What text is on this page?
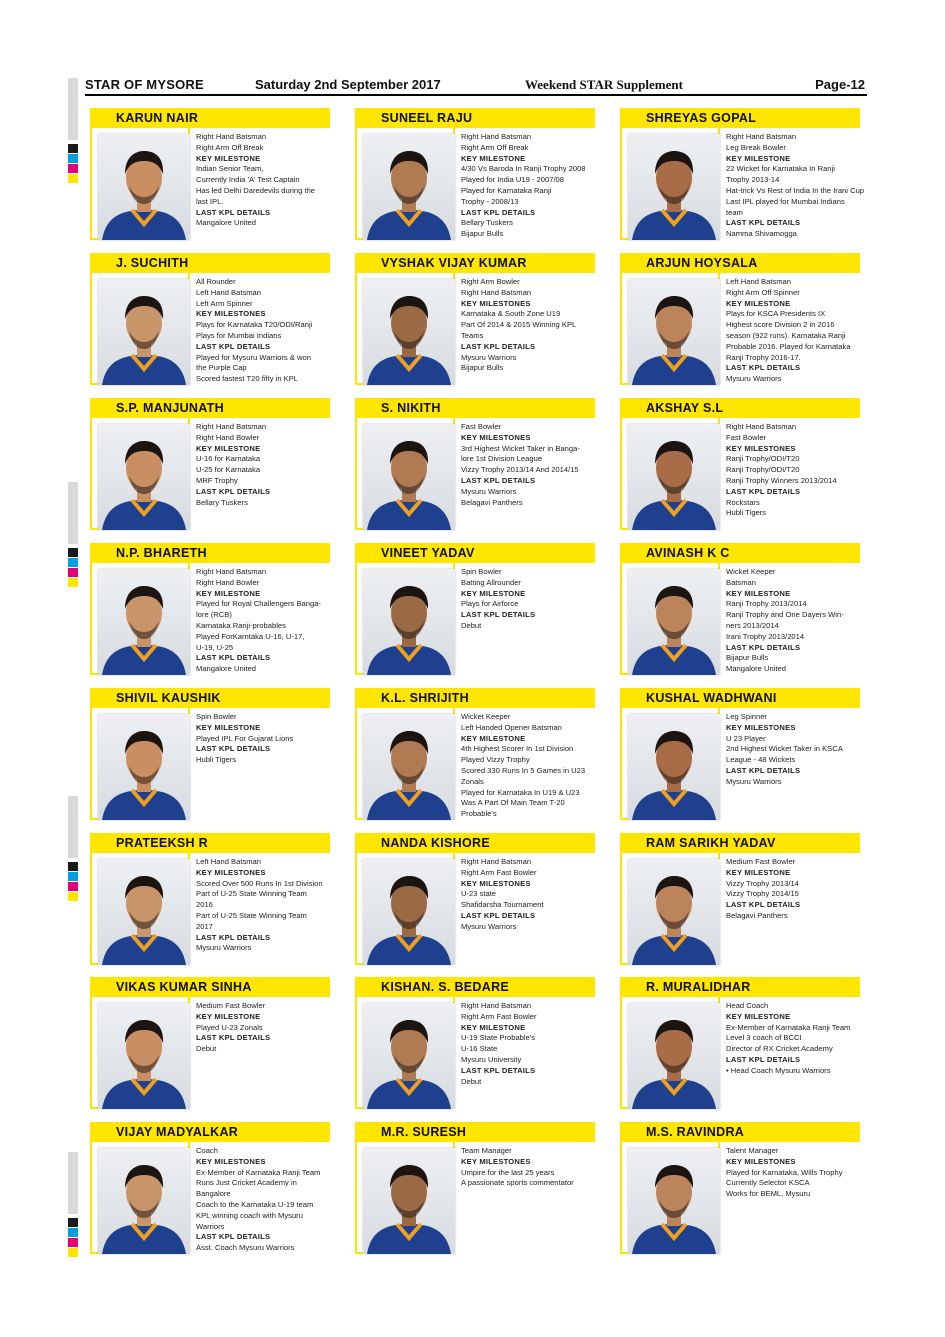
STAR OF MYSORE	Saturday 2nd September 2017	Weekend STAR Supplement	Page-12
KARUN NAIR
Right Hand Batsman
Right Arm Off Break
KEY MILESTONE
Indian Senior Team,
Currently India 'A' Test Captain
Has led Delhi Daredevils during the
last IPL.
LAST KPL DETAILS
Mangalore United
SUNEEL RAJU
Right Hand Batsman
Right Arm Off Break
KEY MILESTONE
4/30 Vs Baroda In Ranji Trophy 2008
Played for India U19 - 2007/08
Played for Karnataka Ranji
Trophy - 2008/13
LAST KPL DETAILS
Bellary Tuskers
Bijapur Bulls
SHREYAS GOPAL
Right Hand Batsman
Leg Break Bowler
KEY MILESTONE
22 Wicket for Karnataka In Ranji
Trophy 2013-14
Hat-trick Vs Rest of India In the Irani Cup
Last IPL played for Mumbai Indians
team
LAST KPL DETAILS
Namma Shivamogga
J. SUCHITH
All Rounder
Left Hand Batsman
Left Arm Spinner
KEY MILESTONES
Plays for Karnataka T20/ODI/Ranji
Plays for Mumbai Indians
LAST KPL DETAILS
Played for Mysuru Warriors & won
the Purple Cap
Scored fastest T20 fifty in KPL
VYSHAK VIJAY KUMAR
Right Arm Bowler
Right Hand Batsman
KEY MILESTONES
Karnataka & South Zone U19
Part Of 2014 & 2015 Winning KPL
Teams
LAST KPL DETAILS
Mysuru Warriors
Bijapur Bulls
ARJUN HOYSALA
Left Hand Batsman
Right Arm Off Spinner
KEY MILESTONE
Plays for KSCA Presidents IX
Highest score Division 2 in 2016
season (922 runs). Karnataka Ranji
Probable 2016. Played for Karnataka
Ranji Trophy 2016-17.
LAST KPL DETAILS
Mysuru Warriors
S.P. MANJUNATH
Right Hand Batsman
Right Hand Bowler
KEY MILESTONE
U-16 for Karnataka
U-25 for Karnataka
MRF Trophy
LAST KPL DETAILS
Bellary Tuskers
S. NIKITH
Fast Bowler
KEY MILESTONES
3rd Highest Wicket Taker in Banga-
lore 1st Division League
Vizzy Trophy 2013/14 And 2014/15
LAST KPL DETAILS
Mysuru Warriors
Belagavi Panthers
AKSHAY S.L
Right Hand Batsman
Fast Bowler
KEY MILESTONES
Ranji Trophy/ODI/T20
Ranji Trophy/ODI/T20
Ranji Trophy Winners 2013/2014
LAST KPL DETAILS
Rockstars
Hubli Tigers
N.P. BHARETH
Right Hand Batsman
Right Hand Bowler
KEY MILESTONE
Played for Royal Challengers Banga-
lore (RCB)
Karnataka Ranji-probables
Played ForKarntaka U-16, U-17,
U-19, U-25
LAST KPL DETAILS
Mangalore United
VINEET YADAV
Spin Bowler
Batting Allrounder
KEY MILESTONE
Plays for Airforce
LAST KPL DETAILS
Debut
AVINASH K C
Wicket Keeper
Batsman
KEY MILESTONE
Ranji Trophy 2013/2014
Ranji Trophy and One Dayers Win-
ners 2013/2014
Irani Trophy 2013/2014
LAST KPL DETAILS
Bijapur Bulls
Mangalore United
SHIVIL KAUSHIK
Spin Bowler
KEY MILESTONE
Played IPL For Gujarat Lions
LAST KPL DETAILS
Hubli Tigers
K.L. SHRIJITH
Wicket Keeper
Left Handed Opener Batsman
KEY MILESTONE
4th Highest Scorer In 1st Division
Played Vizzy Trophy
Scored 330 Runs In 5 Games in U23
Zonals
Played for Karnataka In U19 & U23
Was A Part Of Main Team T-20
Probable's
KUSHAL WADHWANI
Leg Spinner
KEY MILESTONES
U 23 Player
2nd Highest Wicket Taker in KSCA
League - 48 Wickets
LAST KPL DETAILS
Mysuru Warriors
PRATEEKSH R
Left Hand Batsman
KEY MILESTONES
Scored Over 500 Runs In 1st Division
Part of U-25 State Winning Team
2016
Part of U-25 State Winning Team
2017
LAST KPL DETAILS
Mysuru Warriors
NANDA KISHORE
Right Hand Batsman
Right Arm Fast Bowler
KEY MILESTONES
U-23 state
Shafidarsha Tournament
LAST KPL DETAILS
Mysuru Warriors
RAM SARIKH YADAV
Medium Fast Bowler
KEY MILESTONE
Vizzy Trophy 2013/14
Vizzy Trophy 2014/15
LAST KPL DETAILS
Belagavi Panthers
VIKAS KUMAR SINHA
Medium Fast Bowler
KEY MILESTONE
Played U-23 Zonals
LAST KPL DETAILS
Debut
KISHAN. S. BEDARE
Right Hand Batsman
Right Arm Fast Bowler
KEY MILESTONE
U-19 State Probable's
U-16 State
Mysuru University
LAST KPL DETAILS
Debut
R. MURALIDHAR
Head Coach
KEY MILESTONE
Ex-Member of Karnataka Ranji Team
Level 3 coach of BCCI
Director of RX Cricket Academy
LAST KPL DETAILS
• Head Coach Mysuru Warriors
VIJAY MADYALKAR
Coach
KEY MILESTONES
Ex-Member of Karnataka Ranji Team
Runs Just Cricket Academy in
Bangalore
Coach to the Karnataka U-19 team
KPL winning coach with Mysuru
Warriors
LAST KPL DETAILS
Asst. Coach Mysuru Warriors
M.R. SURESH
Team Manager
KEY MILESTONES
Umpire for the last 25 years
A passionate sports commentator
M.S. RAVINDRA
Talent Manager
KEY MILESTONES
Played for Karnataka, Wills Trophy
Currently Selector KSCA
Works for BEML, Mysuru
